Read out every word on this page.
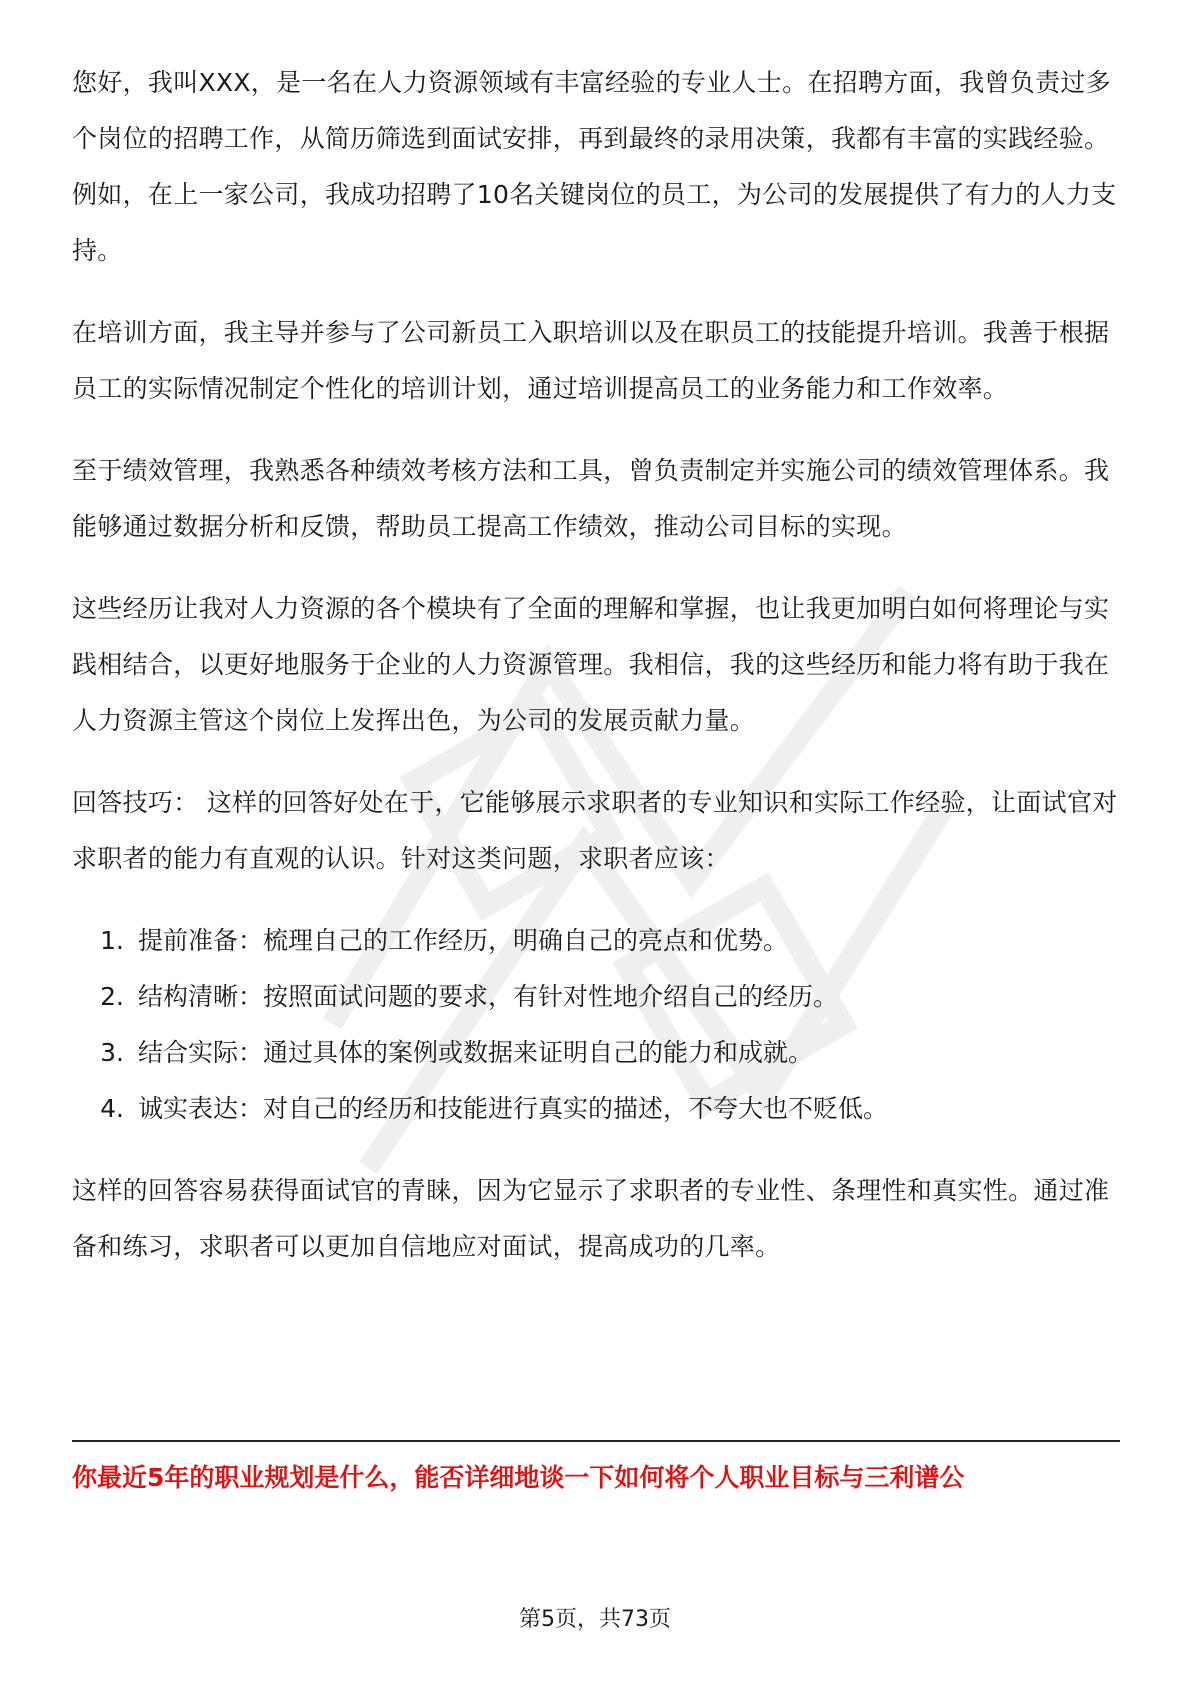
您好，我叫XXX，是一名在人力资源领域有丰富经验的专业人士。在招聘方面，我曾负责过多个岗位的招聘工作，从简历筛选到面试安排，再到最终的录用决策，我都有丰富的实践经验。例如，在上一家公司，我成功招聘了10名关键岗位的员工，为公司的发展提供了有力的人力支持。

在培训方面，我主导并参与了公司新员工入职培训以及在职员工的技能提升培训。我善于根据员工的实际情况制定个性化的培训计划，通过培训提高员工的业务能力和工作效率。

至于绩效管理，我熟悉各种绩效考核方法和工具，曾负责制定并实施公司的绩效管理体系。我能够通过数据分析和反馈，帮助员工提高工作绩效，推动公司目标的实现。

这些经历让我对人力资源的各个模块有了全面的理解和掌握，也让我更加明白如何将理论与实践相结合，以更好地服务于企业的人力资源管理。我相信，我的这些经历和能力将有助于我在人力资源主管这个岗位上发挥出色，为公司的发展贡献力量。

回答技巧： 这样的回答好处在于，它能够展示求职者的专业知识和实际工作经验，让面试官对求职者的能力有直观的认识。针对这类问题，求职者应该：

1. 提前准备：梳理自己的工作经历，明确自己的亮点和优势。
2. 结构清晰：按照面试问题的要求，有针对性地介绍自己的经历。
3. 结合实际：通过具体的案例或数据来证明自己的能力和成就。
4. 诚实表达：对自己的经历和技能进行真实的描述，不夸大也不贬低。

这样的回答容易获得面试官的青睐，因为它显示了求职者的专业性、条理性和真实性。通过准备和练习，求职者可以更加自信地应对面试，提高成功的几率。

你最近5年的职业规划是什么，能否详细地谈一下如何将个人职业目标与三利谱公
第5页，共73页
